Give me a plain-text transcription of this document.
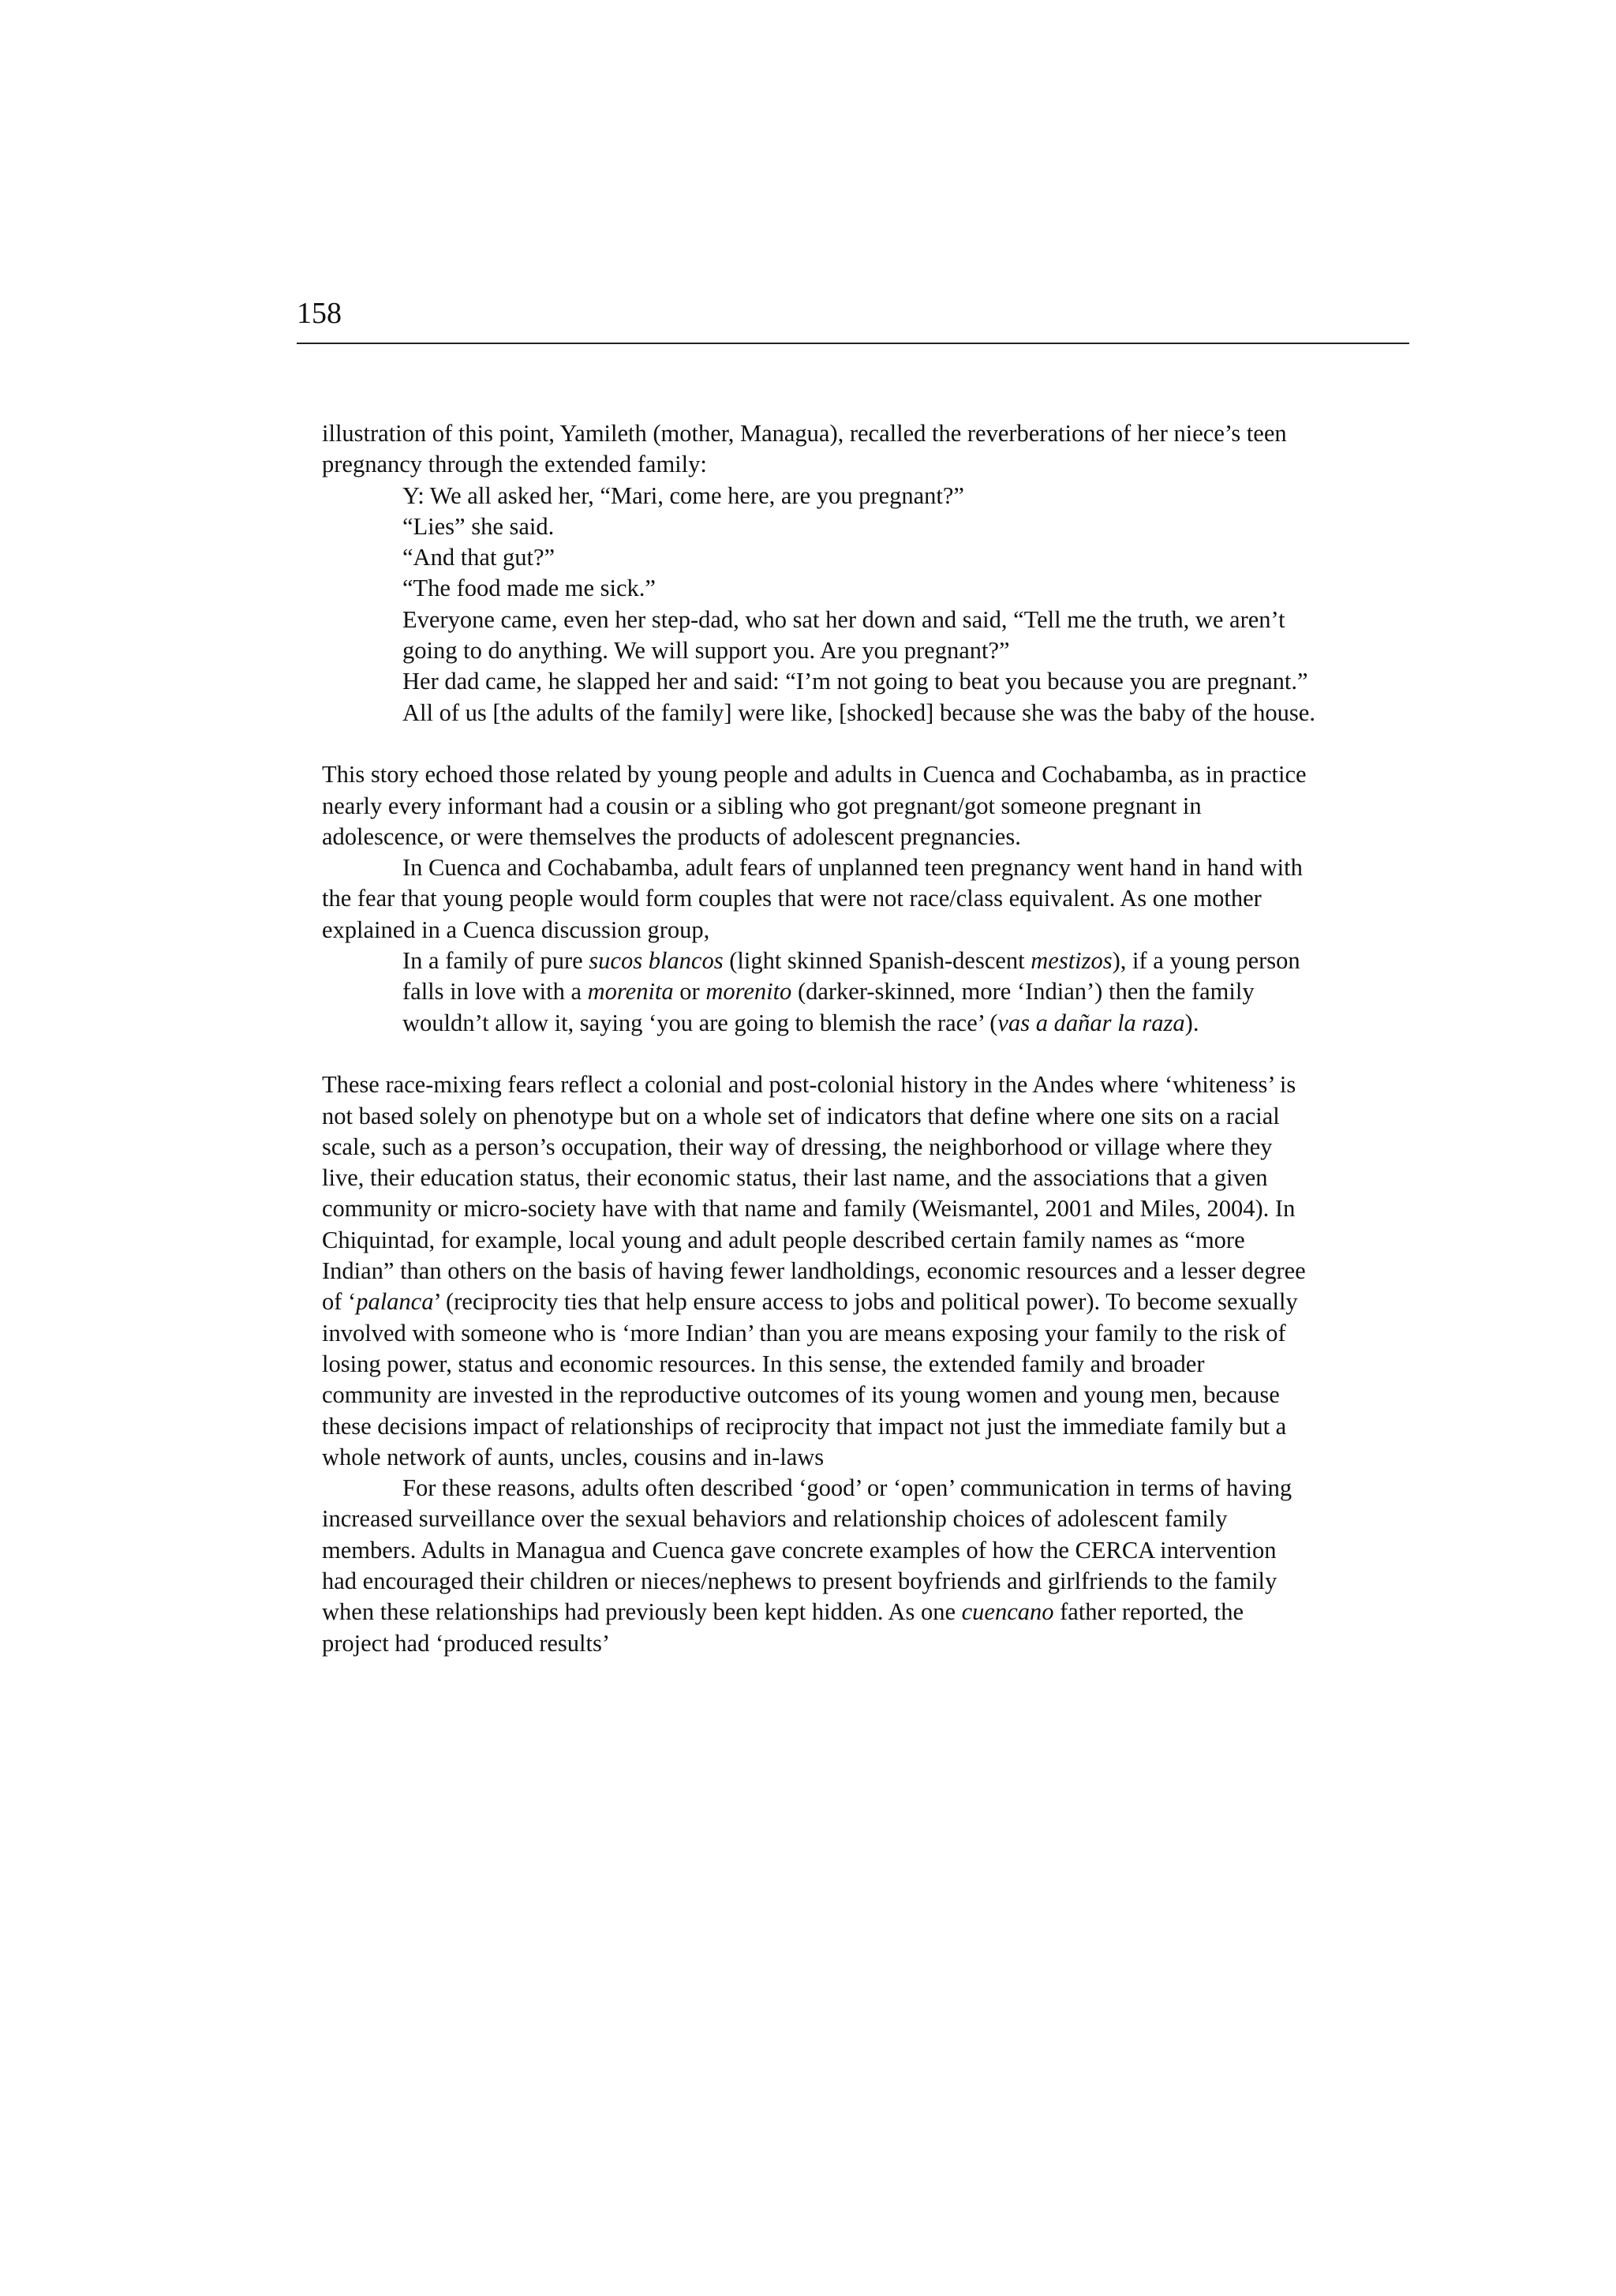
158

illustration of this point, Yamileth (mother, Managua), recalled the reverberations of her niece’s teen pregnancy through the extended family:

Y: We all asked her, “Mari, come here, are you pregnant?”

“Lies” she said.

“And that gut?”

“The food made me sick.”

Everyone came, even her step-dad, who sat her down and said, “Tell me the truth, we aren’t going to do anything. We will support you. Are you pregnant?”

Her dad came, he slapped her and said: “I’m not going to beat you because you are pregnant.”

All of us [the adults of the family] were like, [shocked] because she was the baby of the house.

This story echoed those related by young people and adults in Cuenca and Cochabamba, as in practice nearly every informant had a cousin or a sibling who got pregnant/got someone pregnant in adolescence, or were themselves the products of adolescent pregnancies.

In Cuenca and Cochabamba, adult fears of unplanned teen pregnancy went hand in hand with the fear that young people would form couples that were not race/class equivalent. As one mother explained in a Cuenca discussion group,

In a family of pure sucos blancos (light skinned Spanish-descent mestizos), if a young person falls in love with a morenita or morenito (darker-skinned, more ‘Indian’) then the family wouldn’t allow it, saying ‘you are going to blemish the race’ (vas a dañar la raza).

These race-mixing fears reflect a colonial and post-colonial history in the Andes where ‘whiteness’ is not based solely on phenotype but on a whole set of indicators that define where one sits on a racial scale, such as a person’s occupation, their way of dressing, the neighborhood or village where they live, their education status, their economic status, their last name, and the associations that a given community or micro-society have with that name and family (Weismantel, 2001 and Miles, 2004). In Chiquintad, for example, local young and adult people described certain family names as “more Indian” than others on the basis of having fewer landholdings, economic resources and a lesser degree of ‘palanca’ (reciprocity ties that help ensure access to jobs and political power). To become sexually involved with someone who is ‘more Indian’ than you are means exposing your family to the risk of losing power, status and economic resources. In this sense, the extended family and broader community are invested in the reproductive outcomes of its young women and young men, because these decisions impact of relationships of reciprocity that impact not just the immediate family but a whole network of aunts, uncles, cousins and in-laws

For these reasons, adults often described ‘good’ or ‘open’ communication in terms of having increased surveillance over the sexual behaviors and relationship choices of adolescent family members. Adults in Managua and Cuenca gave concrete examples of how the CERCA intervention had encouraged their children or nieces/nephews to present boyfriends and girlfriends to the family when these relationships had previously been kept hidden. As one cuencano father reported, the project had ‘produced results’
